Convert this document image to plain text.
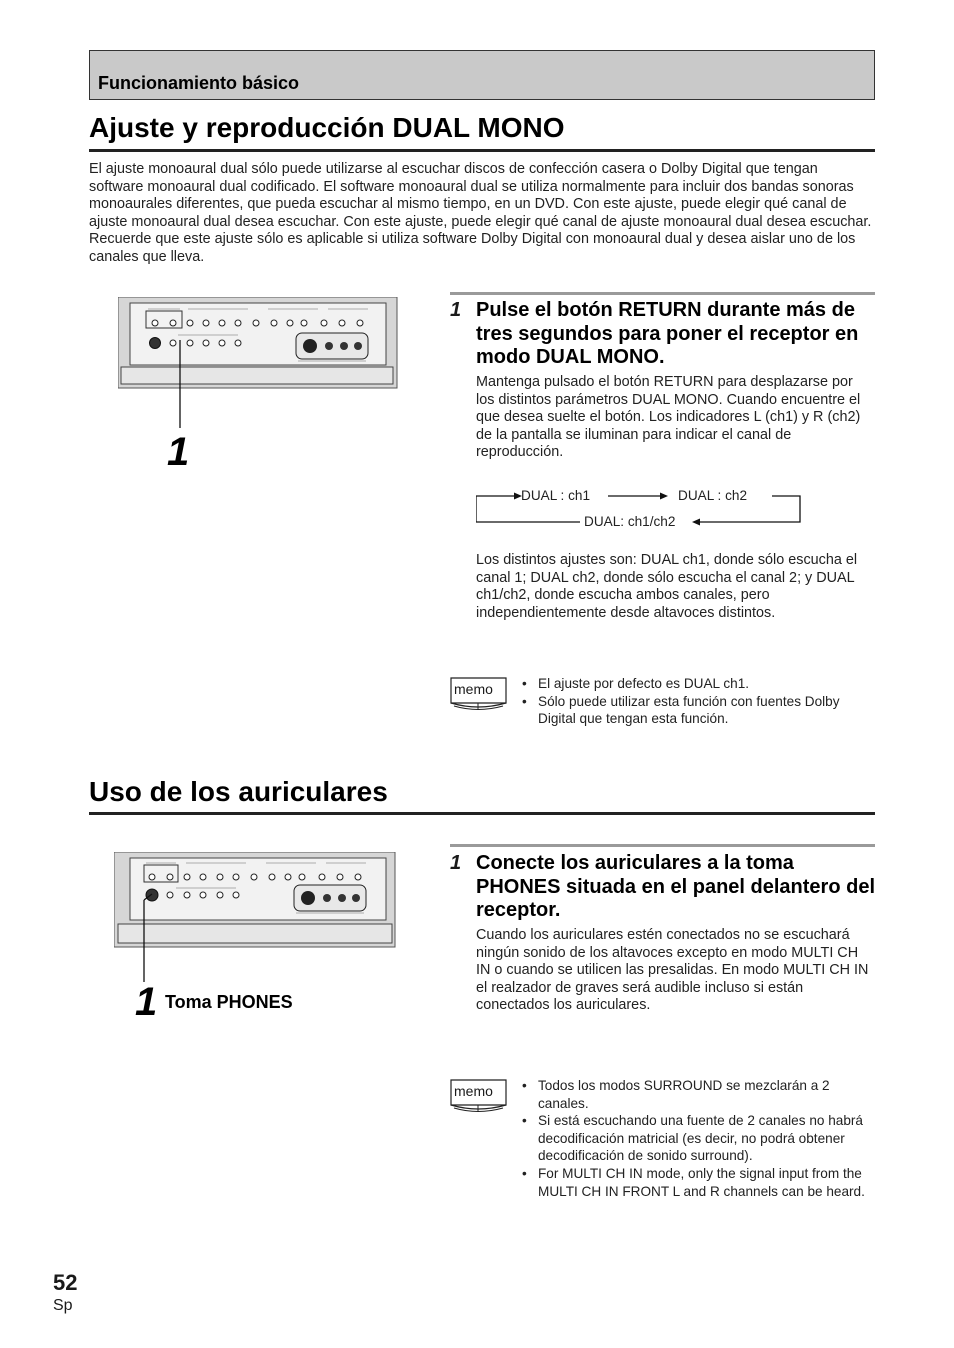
Funcionamiento básico
Ajuste y reproducción DUAL MONO
El ajuste monoaural dual sólo puede utilizarse al escuchar discos de confección casera o Dolby Digital que tengan software monoaural dual codificado. El software monoaural dual se utiliza normalmente para incluir dos bandas sonoras monoaurales diferentes, que pueda escuchar al mismo tiempo, en un DVD. Con este ajuste, puede elegir qué canal de ajuste monoaural dual desea escuchar. Con este ajuste, puede elegir qué canal de ajuste monoaural dual desea escuchar. Recuerde que este ajuste sólo es aplicable si utiliza software Dolby Digital con monoaural dual y desea aislar uno de los canales que lleva.
1
1 Pulse el botón RETURN durante más de tres segundos para poner el receptor en modo DUAL MONO.
Mantenga pulsado el botón RETURN para desplazarse por los distintos parámetros DUAL MONO. Cuando encuentre el que desea suelte el botón. Los indicadores L (ch1) y R (ch2) de la pantalla se iluminan para indicar el canal de reproducción.
DUAL : ch1	DUAL : ch2
DUAL: ch1/ch2
Los distintos ajustes son: DUAL ch1, donde sólo escucha el canal 1; DUAL ch2, donde sólo escucha el canal 2; y DUAL ch1/ch2, donde escucha ambos canales, pero independientemente desde altavoces distintos.
memo	• El ajuste por defecto es DUAL ch1.
• Sólo puede utilizar esta función con fuentes Dolby Digital que tengan esta función.
Uso de los auriculares
1 Toma PHONES
1 Conecte los auriculares a la toma PHONES situada en el panel delantero del receptor.
Cuando los auriculares estén conectados no se escuchará ningún sonido de los altavoces excepto en modo MULTI CH IN o cuando se utilicen las presalidas. En modo MULTI CH IN el realzador de graves será audible incluso si están conectados los auriculares.
memo	• Todos los modos SURROUND se mezclarán a 2 canales.
• Si está escuchando una fuente de 2 canales no habrá decodificación matricial (es decir, no podrá obtener decodificación de sonido surround).
• For MULTI CH IN mode, only the signal input from the MULTI CH IN FRONT L and R channels can be heard.
52
Sp
